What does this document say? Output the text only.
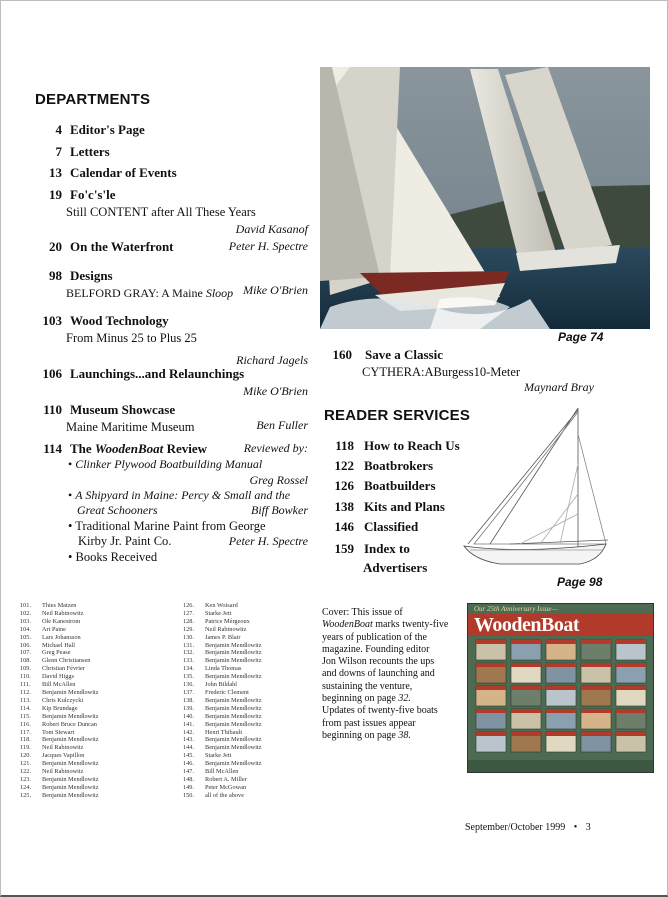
DEPARTMENTS
4 Editor's Page
7 Letters
13 Calendar of Events
19 Fo'c's'le
Still CONTENT after All These Years
David Kasanof
20 On the Waterfront	Peter H. Spectre
98 Designs
BELFORD GRAY: A Maine Sloop Mike O'Brien
103 Wood Technology
From Minus 25 to Plus 25
Richard Jagels
106 Launchings...and Relaunchings
Mike O'Brien
110 Museum Showcase
Maine Maritime Museum	Ben Fuller
114 The WoodenBoat Review	Reviewed by:
• Clinker Plywood Boatbuilding Manual
Greg Rossel
• A Shipyard in Maine: Percy & Small and the
Great Schooners	Biff Bowker
• Traditional Marine Paint from George
Kirby Jr. Paint Co.	Peter H. Spectre
• Books Received
Page 74
160 Save a Classic
CYTHERA:ABurgess10-Meter
Maynard Bray
READER SERVICES
118 How to Reach Us
122 Boatbrokers
126 Boatbuilders
138 Kits and Plans
146 Classified
159 Index to
Advertisers
Page 98
101.	Thies Matzen
102.	Neil Rabinowitz
103.	Ole Kanestrom
104.	Art Paine
105.	Lars Johansson
106.	Michael Hall
107.	Greg Pease
108.	Glenn Christiansen
109.	Christian Février
110.	David Higgs
111.	Bill McAllen
112.	Benjamin Mendlowitz
113.	Chris Kulczycki
114.	Kip Brundage
115.	Benjamin Mendlowitz
116.	Robert Bruce Duncan
117.	Tom Stewart
118.	Benjamin Mendlowitz
119.	Neil Rabinowitz
120.	Jacques Vapillon
121.	Benjamin Mendlowitz
122.	Neil Rabinowitz
123.	Benjamin Mendlowitz
124.	Benjamin Mendlowitz
125.	Benjamin Mendlowitz
126.	Ken Woisard
127.	Starke Jett
128.	Patrice Mérgeoux
129.	Neil Rabinowitz
130.	James P. Blair
131.	Benjamin Mendlowitz
132.	Benjamin Mendlowitz
133.	Benjamin Mendlowitz
134.	Linda Thomas
135.	Benjamin Mendlowitz
136.	John Bildahl
137.	Frederic Clement
138.	Benjamin Mendlowitz
139.	Benjamin Mendlowitz
140.	Benjamin Mendlowitz
141.	Benjamin Mendlowitz
142.	Henri Thibault
143.	Benjamin Mendlowitz
144.	Benjamin Mendlowitz
145.	Starke Jett
146.	Benjamin Mendlowitz
147.	Bill McAllen
148.	Robert A. Miller
149.	Peter McGowan
150.	all of the above
Cover: This issue of
WoodenBoat marks twenty-five
years of publication of the
magazine. Founding editor
Jon Wilson recounts the ups
and downs of launching and
sustaining the venture,
beginning on page 32.
Updates of twenty-five boats
from past issues appear
beginning on page 38.
Our 25th Anniversary Issue—
WoodenBoat
September/October 1999 • 3
